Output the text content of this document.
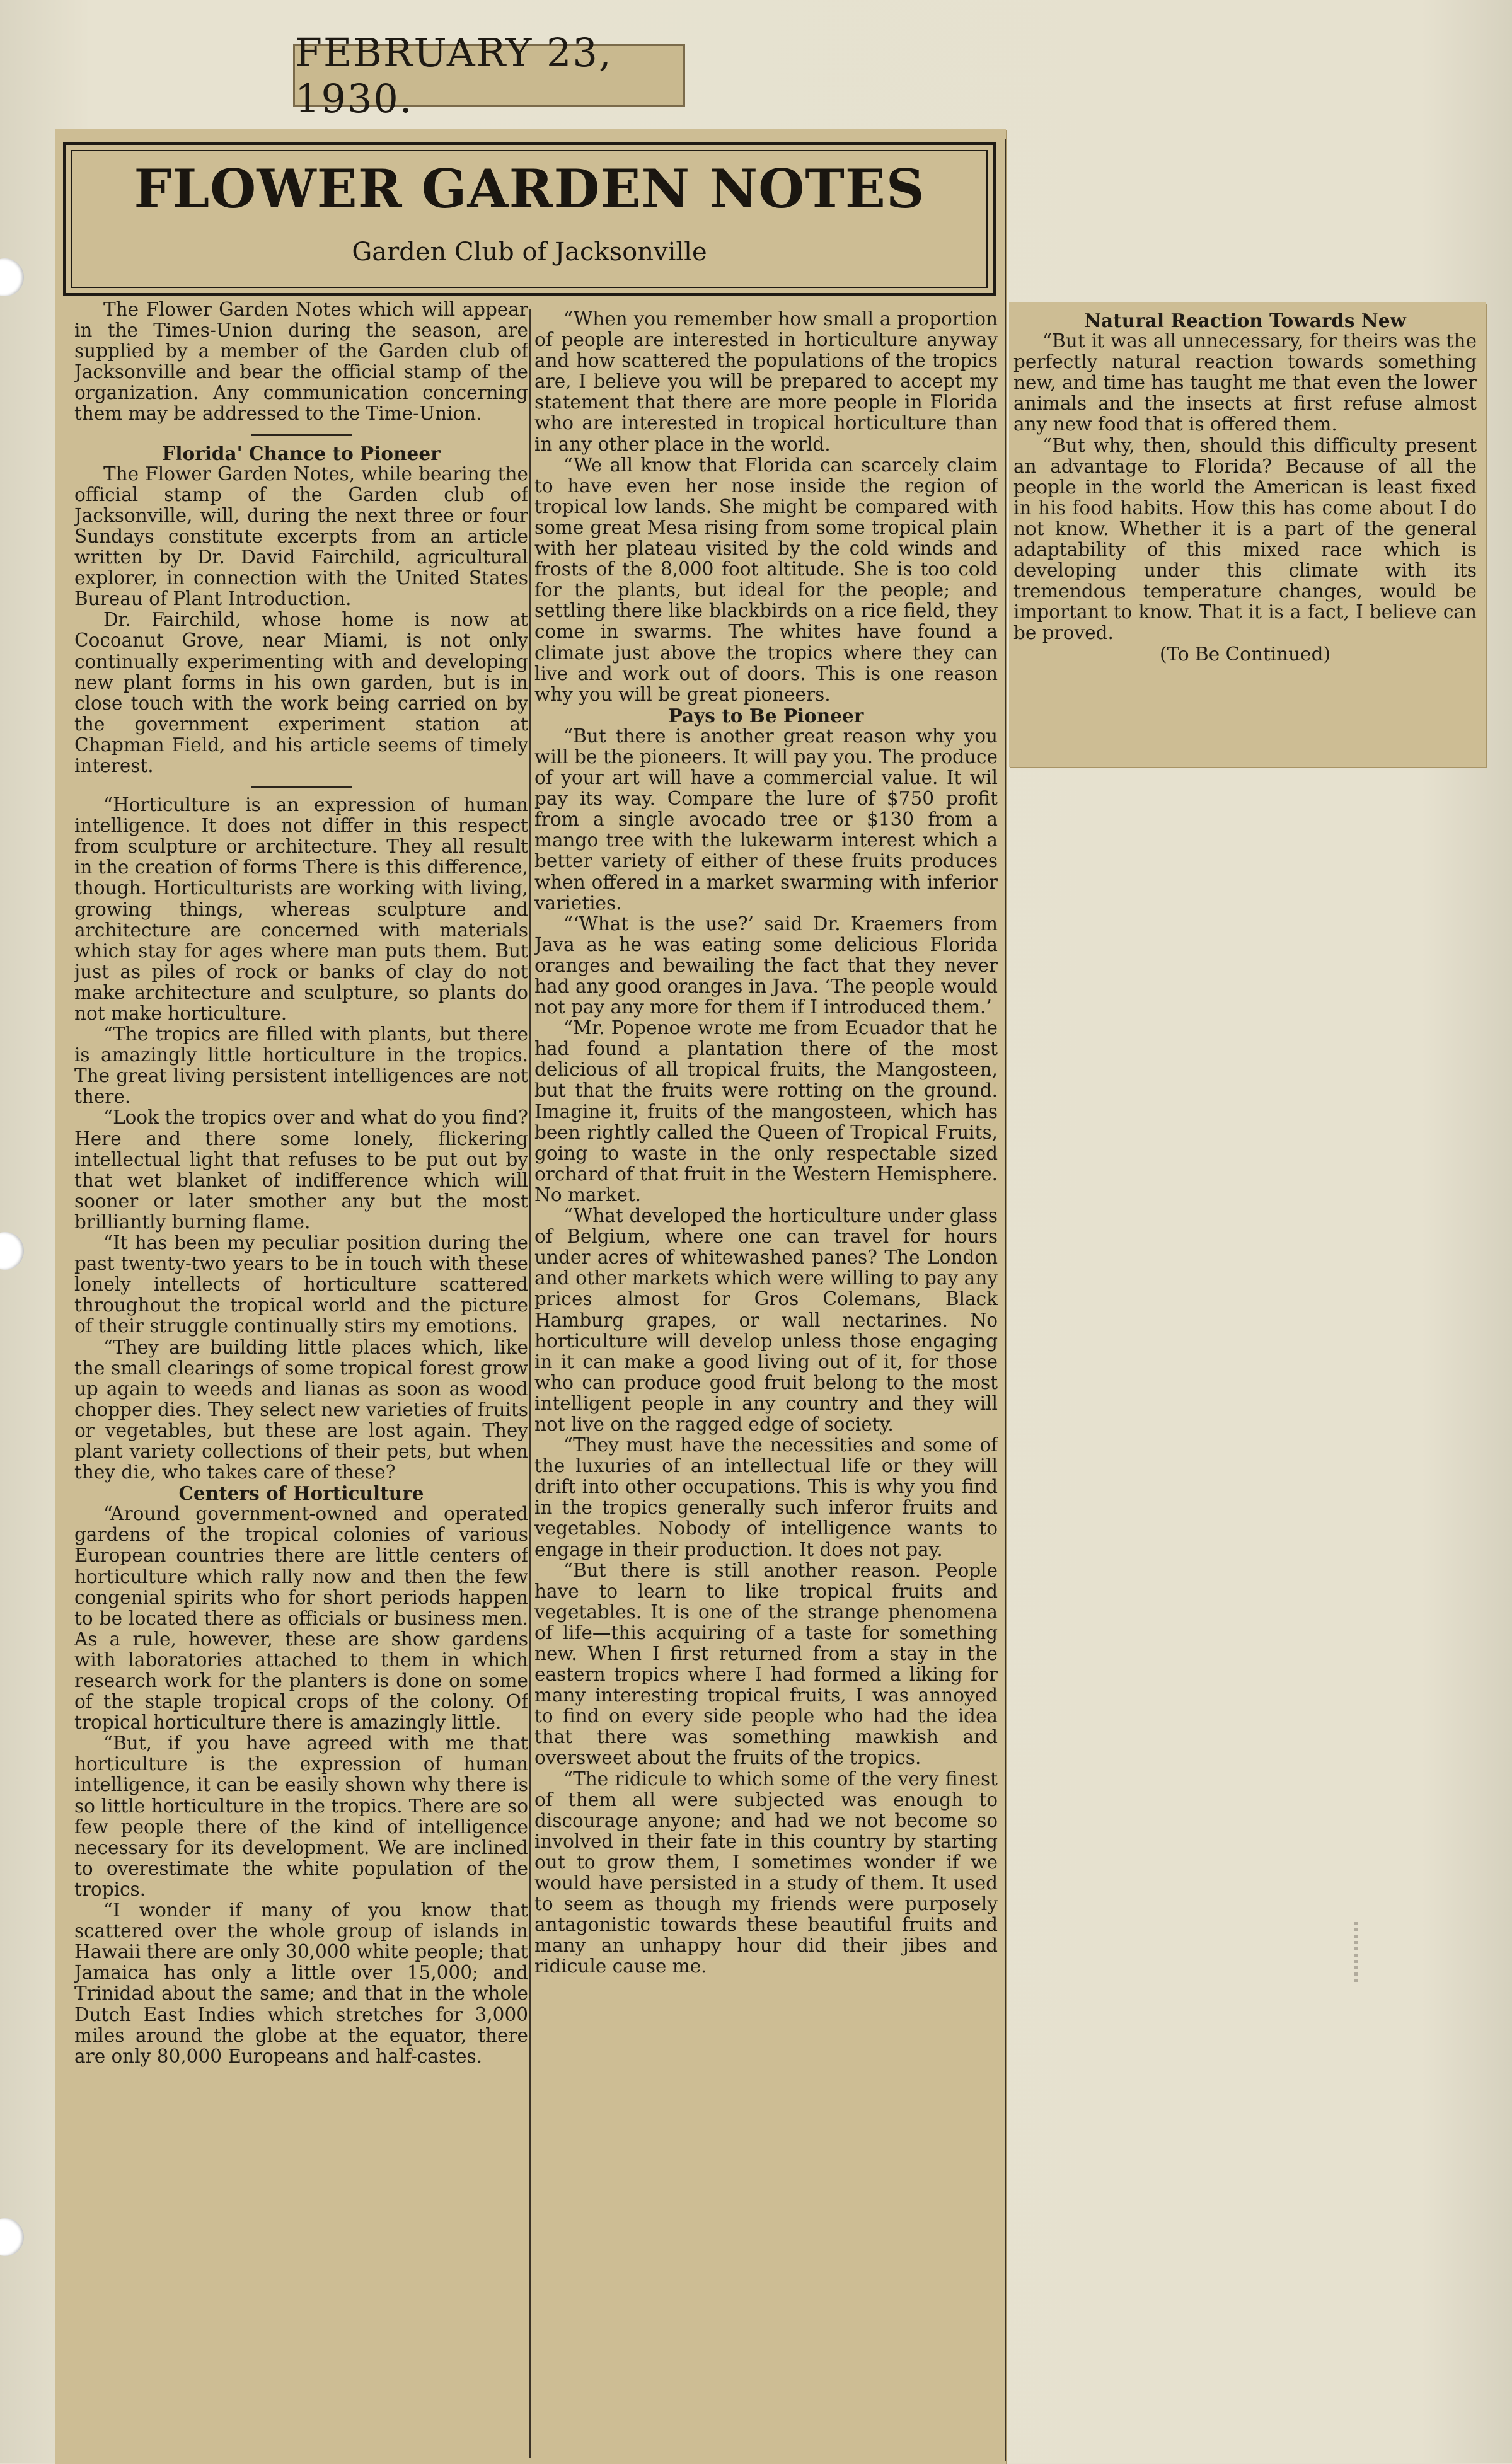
FEBRUARY 23, 1930.
FLOWER GARDEN NOTES
Garden Club of Jacksonville

The Flower Garden Notes which will appear in the Times-Union during the season, are supplied by a member of the Garden club of Jacksonville and bear the official stamp of the organization. Any communication concerning them may be addressed to the Time-Union.

Florida' Chance to Pioneer

The Flower Garden Notes, while bearing the official stamp of the Garden club of Jacksonville, will, during the next three or four Sundays constitute excerpts from an article written by Dr. David Fairchild, agricultural explorer, in connection with the United States Bureau of Plant Introduction.

Dr. Fairchild, whose home is now at Cocoanut Grove, near Miami, is not only continually experimenting with and developing new plant forms in his own garden, but is in close touch with the work being carried on by the government experiment station at Chapman Field, and his article seems of timely interest.

“Horticulture is an expression of human intelligence. It does not differ in this respect from sculpture or architecture. They all result in the creation of forms There is this difference, though. Horticulturists are working with living, growing things, whereas sculpture and architecture are concerned with materials which stay for ages where man puts them. But just as piles of rock or banks of clay do not make architecture and sculpture, so plants do not make horticulture.

“The tropics are filled with plants, but there is amazingly little horticulture in the tropics. The great living persistent intelligences are not there.

“Look the tropics over and what do you find? Here and there some lonely, flickering intellectual light that refuses to be put out by that wet blanket of indifference which will sooner or later smother any but the most brilliantly burning flame.

“It has been my peculiar position during the past twenty-two years to be in touch with these lonely intellects of horticulture scattered throughout the tropical world and the picture of their struggle continually stirs my emotions.

“They are building little places which, like the small clearings of some tropical forest grow up again to weeds and lianas as soon as wood chopper dies. They select new varieties of fruits or vegetables, but these are lost again. They plant variety collections of their pets, but when they die, who takes care of these?

Centers of Horticulture

“Around government-owned and operated gardens of the tropical colonies of various European countries there are little centers of horticulture which rally now and then the few congenial spirits who for short periods happen to be located there as officials or business men. As a rule, however, these are show gardens with laboratories attached to them in which research work for the planters is done on some of the staple tropical crops of the colony. Of tropical horticulture there is amazingly little.

“But, if you have agreed with me that horticulture is the expression of human intelligence, it can be easily shown why there is so little horticulture in the tropics. There are so few people there of the kind of intelligence necessary for its development. We are inclined to overestimate the white population of the tropics.

“I wonder if many of you know that scattered over the whole group of islands in Hawaii there are only 30,000 white people; that Jamaica has only a little over 15,000; and Trinidad about the same; and that in the whole Dutch East Indies which stretches for 3,000 miles around the globe at the equator, there are only 80,000 Europeans and half-castes.

“When you remember how small a proportion of people are interested in horticulture anyway and how scattered the populations of the tropics are, I believe you will be prepared to accept my statement that there are more people in Florida who are interested in tropical horticulture than in any other place in the world.

“We all know that Florida can scarcely claim to have even her nose inside the region of tropical low lands. She might be compared with some great Mesa rising from some tropical plain with her plateau visited by the cold winds and frosts of the 8,000 foot altitude. She is too cold for the plants, but ideal for the people; and settling there like blackbirds on a rice field, they come in swarms. The whites have found a climate just above the tropics where they can live and work out of doors. This is one reason why you will be great pioneers.

Pays to Be Pioneer

“But there is another great reason why you will be the pioneers. It will pay you. The produce of your art will have a commercial value. It wil pay its way. Compare the lure of $750 profit from a single avocado tree or $130 from a mango tree with the lukewarm interest which a better variety of either of these fruits produces when offered in a market swarming with inferior varieties.

“‘What is the use?’ said Dr. Kraemers from Java as he was eating some delicious Florida oranges and bewailing the fact that they never had any good oranges in Java. ‘The people would not pay any more for them if I introduced them.’

“Mr. Popenoe wrote me from Ecuador that he had found a plantation there of the most delicious of all tropical fruits, the Mangosteen, but that the fruits were rotting on the ground. Imagine it, fruits of the mangosteen, which has been rightly called the Queen of Tropical Fruits, going to waste in the only respectable sized orchard of that fruit in the Western Hemisphere. No market.

“What developed the horticulture under glass of Belgium, where one can travel for hours under acres of whitewashed panes? The London and other markets which were willing to pay any prices almost for Gros Colemans, Black Hamburg grapes, or wall nectarines. No horticulture will develop unless those engaging in it can make a good living out of it, for those who can produce good fruit belong to the most intelligent people in any country and they will not live on the ragged edge of society.

“They must have the necessities and some of the luxuries of an intellectual life or they will drift into other occupations. This is why you find in the tropics generally such inferor fruits and vegetables. Nobody of intelligence wants to engage in their production. It does not pay.

“But there is still another reason. People have to learn to like tropical fruits and vegetables. It is one of the strange phenomena of life—this acquiring of a taste for something new. When I first returned from a stay in the eastern tropics where I had formed a liking for many interesting tropical fruits, I was annoyed to find on every side people who had the idea that there was something mawkish and oversweet about the fruits of the tropics.

“The ridicule to which some of the very finest of them all were subjected was enough to discourage anyone; and had we not become so involved in their fate in this country by starting out to grow them, I sometimes wonder if we would have persisted in a study of them. It used to seem as though my friends were purposely antagonistic towards these beautiful fruits and many an unhappy hour did their jibes and ridicule cause me.

Natural Reaction Towards New

“But it was all unnecessary, for theirs was the perfectly natural reaction towards something new, and time has taught me that even the lower animals and the insects at first refuse almost any new food that is offered them.

“But why, then, should this difficulty present an advantage to Florida? Because of all the people in the world the American is least fixed in his food habits. How this has come about I do not know. Whether it is a part of the general adaptability of this mixed race which is developing under this climate with its tremendous temperature changes, would be important to know. That it is a fact, I believe can be proved.

(To Be Continued)
